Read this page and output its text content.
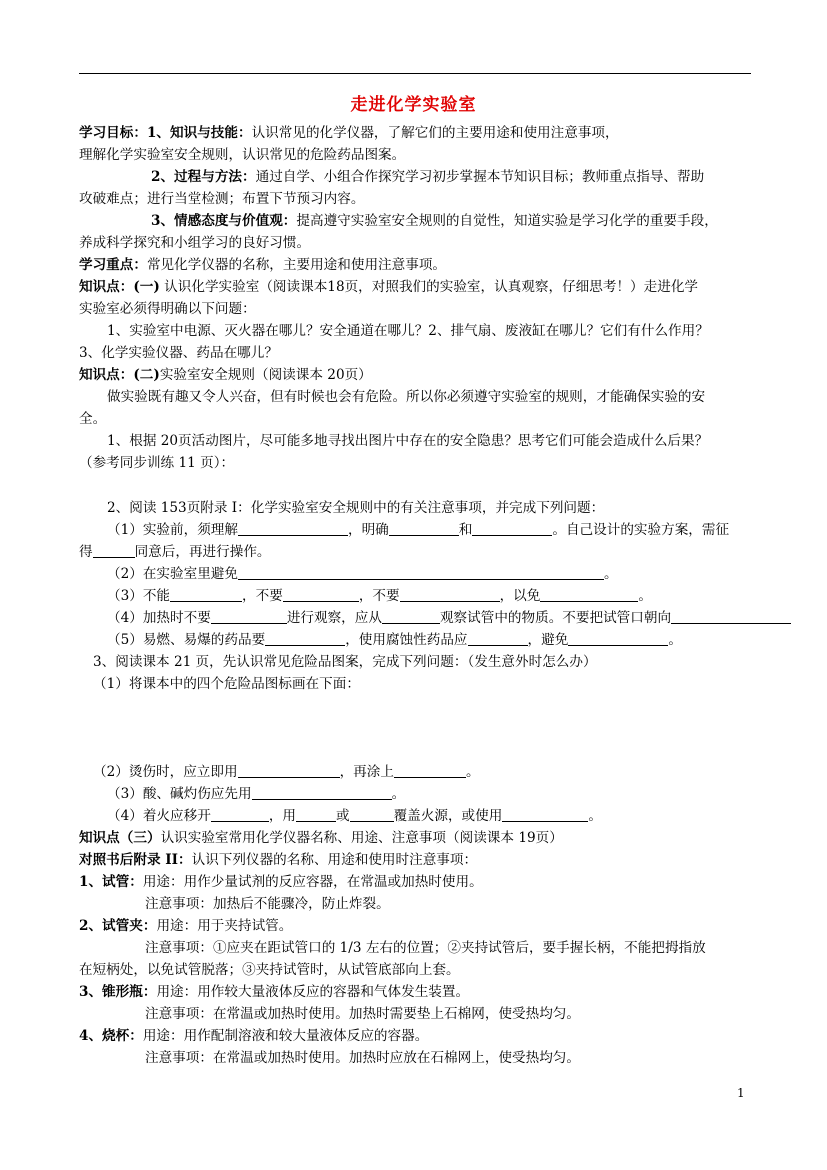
走进化学实验室
学习目标：1、知识与技能：认识常见的化学仪器，了解它们的主要用途和使用注意事项，
理解化学实验室安全规则，认识常见的危险药品图案。
2、过程与方法：通过自学、小组合作探究学习初步掌握本节知识目标；教师重点指导、帮助
攻破难点；进行当堂检测；布置下节预习内容。
3、情感态度与价值观：提高遵守实验室安全规则的自觉性，知道实验是学习化学的重要手段，
养成科学探究和小组学习的良好习惯。
学习重点：常见化学仪器的名称，主要用途和使用注意事项。
知识点：(一) 认识化学实验室（阅读课本18页，对照我们的实验室，认真观察，仔细思考！）走进化学
实验室必须得明确以下问题：
1、实验室中电源、灭火器在哪儿？安全通道在哪儿？2、排气扇、废液缸在哪儿？它们有什么作用？
3、化学实验仪器、药品在哪儿？
知识点：(二)实验室安全规则（阅读课本 20页）
做实验既有趣又令人兴奋，但有时候也会有危险。所以你必须遵守实验室的规则，才能确保实验的安
全。
1、根据 20页活动图片，尽可能多地寻找出图片中存在的安全隐患？思考它们可能会造成什么后果？
（参考同步训练 11 页）：
2、阅读 153页附录 I：化学实验室安全规则中的有关注意事项，并完成下列问题：
（1）实验前，须理解	，明确	和	。自己设计的实验方案，需征
得	同意后，再进行操作。
（2）在实验室里避免	。
（3）不能	，不要	，不要	，以免	。
（4）加热时不要	进行观察，应从	观察试管中的物质。不要把试管口朝向
（5）易燃、易爆的药品要	，使用腐蚀性药品应	，避免	。
3、阅读课本 21 页，先认识常见危险品图案，完成下列问题：（发生意外时怎么办）
（1）将课本中的四个危险品图标画在下面：
（2）烫伤时，应立即用	，再涂上	。
（3）酸、碱灼伤应先用	。
（4）着火应移开	，用	或	覆盖火源，或使用	。
知识点（三）认识实验室常用化学仪器名称、用途、注意事项（阅读课本 19页）
对照书后附录 II：认识下列仪器的名称、用途和使用时注意事项：
1、试管：用途：用作少量试剂的反应容器，在常温或加热时使用。
注意事项：加热后不能骤冷，防止炸裂。
2、试管夹：用途：用于夹持试管。
注意事项：①应夹在距试管口的 1/3 左右的位置；②夹持试管后，要手握长柄，不能把拇指放
在短柄处，以免试管脱落；③夹持试管时，从试管底部向上套。
3、锥形瓶：用途：用作较大量液体反应的容器和气体发生装置。
注意事项：在常温或加热时使用。加热时需要垫上石棉网，使受热均匀。
4、烧杯：用途：用作配制溶液和较大量液体反应的容器。
注意事项：在常温或加热时使用。加热时应放在石棉网上，使受热均匀。
1
